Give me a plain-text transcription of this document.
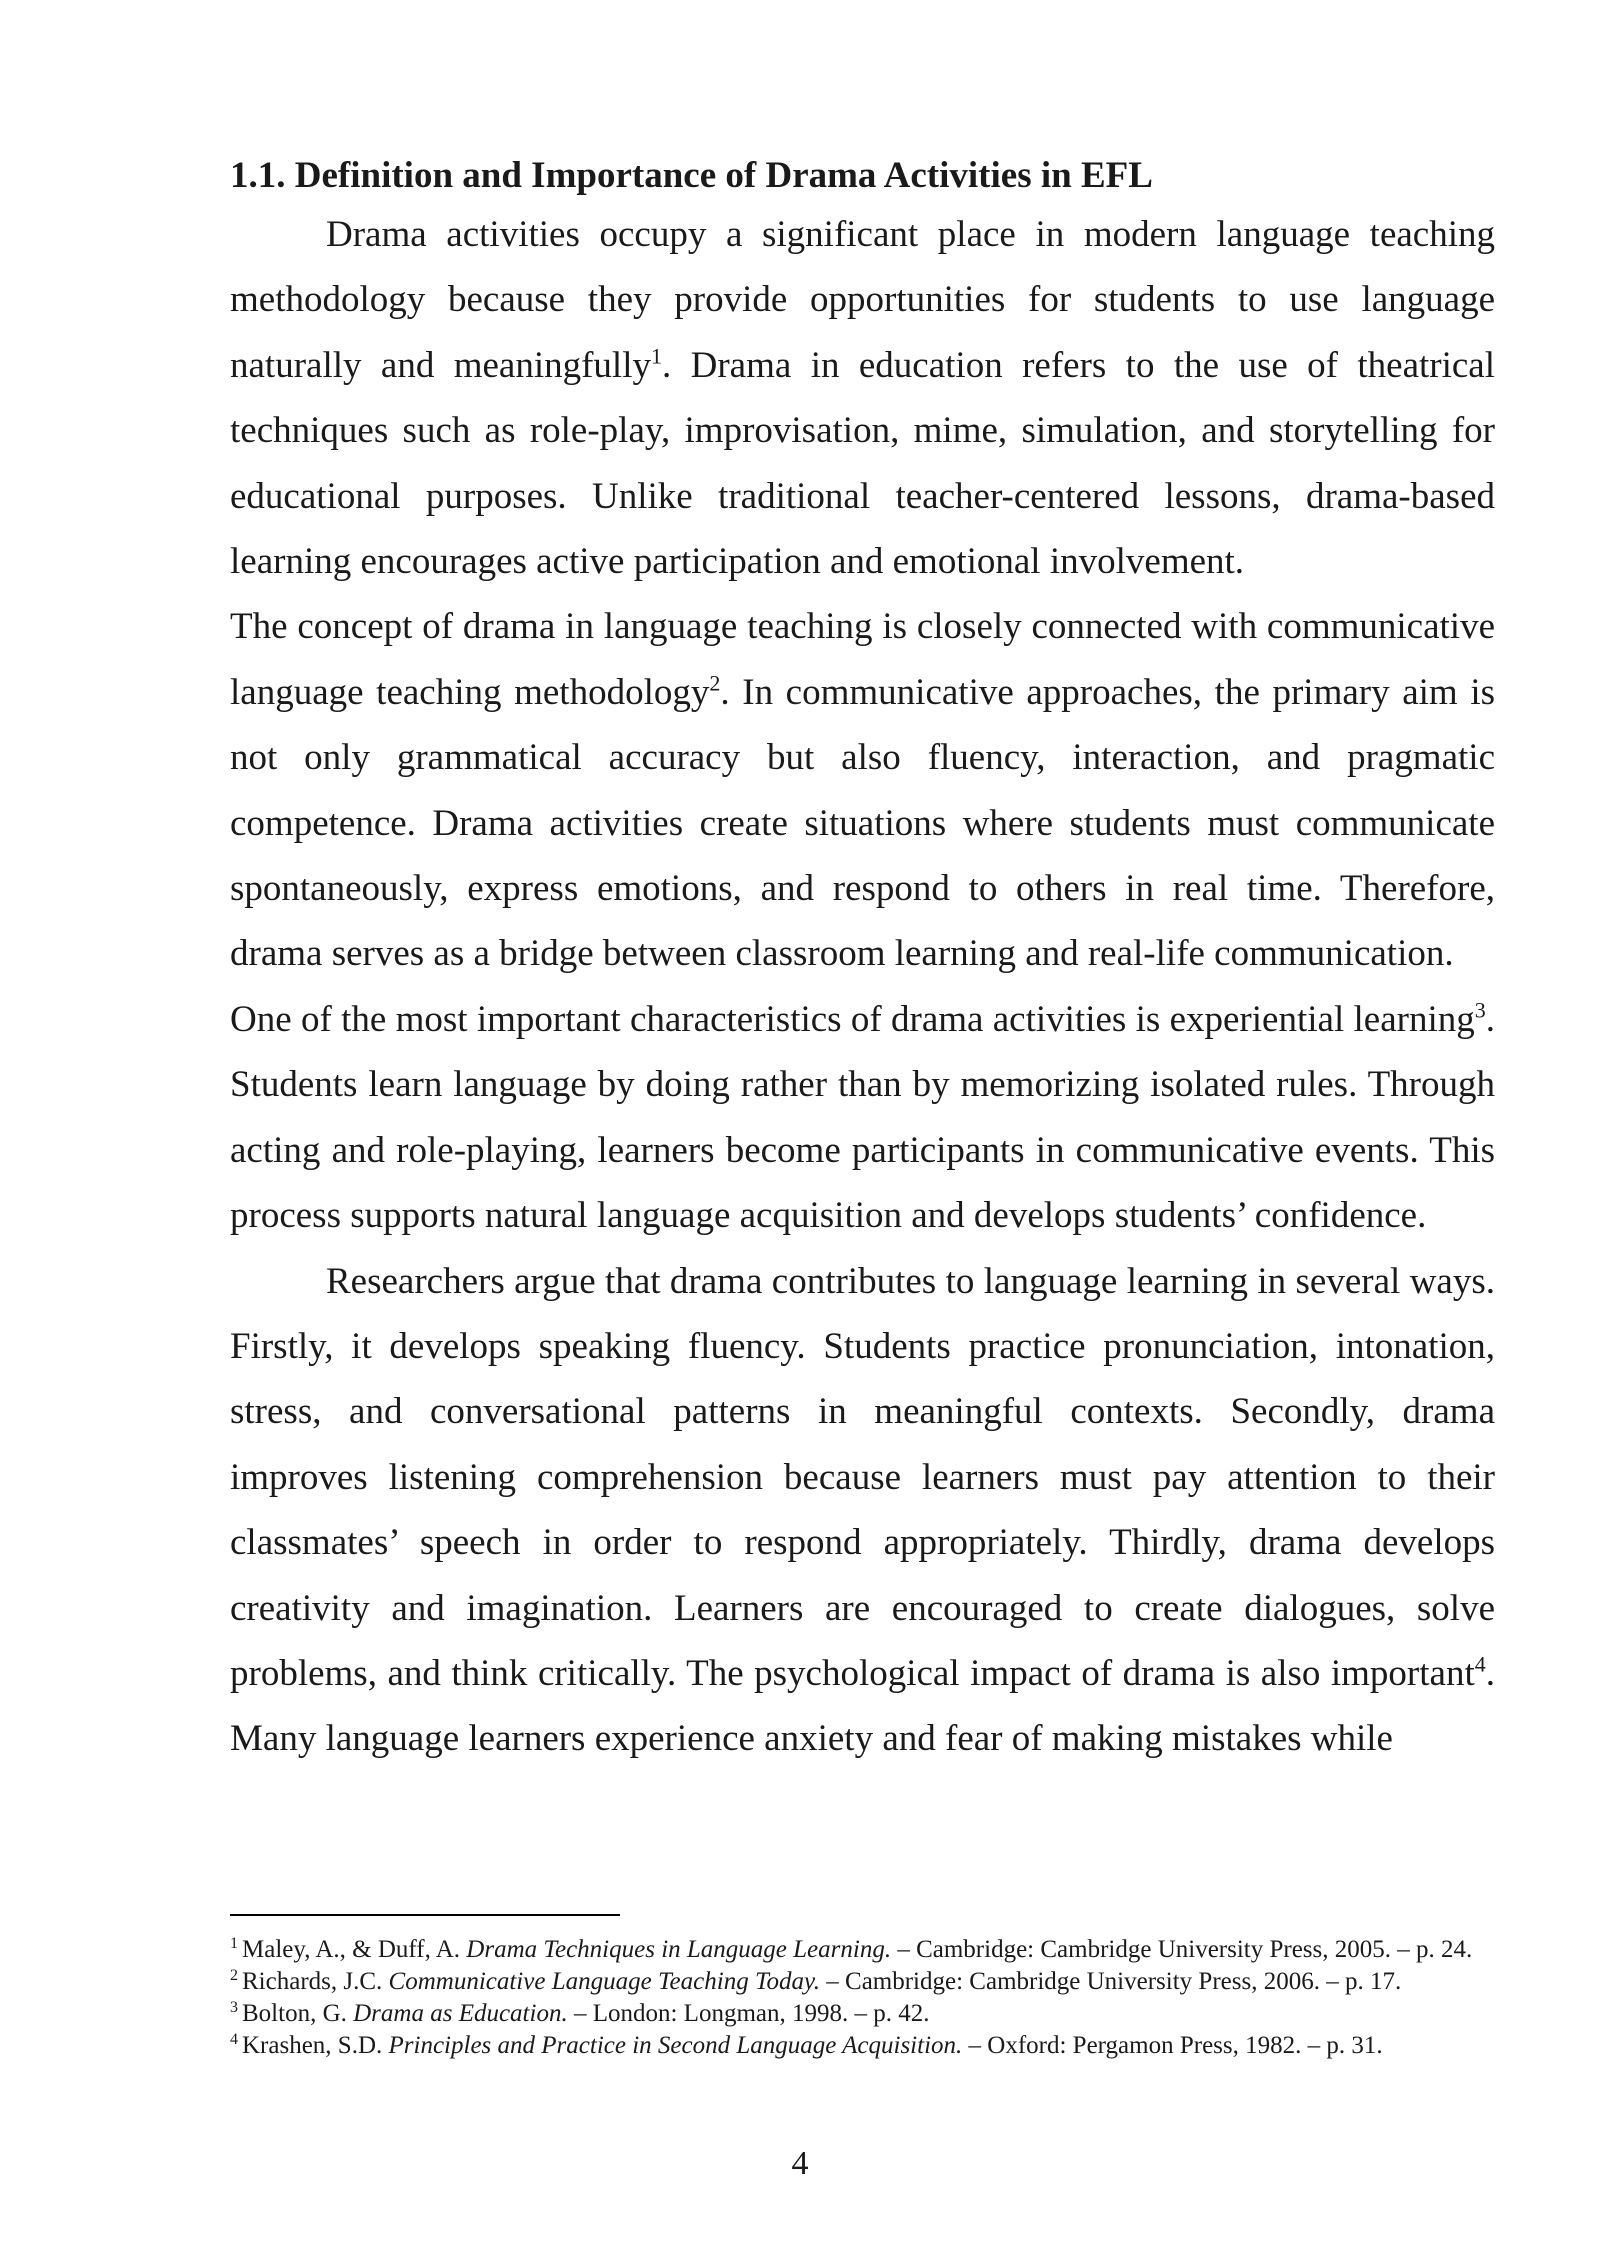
1.1. Definition and Importance of Drama Activities in EFL

Drama activities occupy a significant place in modern language teaching methodology because they provide opportunities for students to use language naturally and meaningfully$^1$. Drama in education refers to the use of theatrical techniques such as role-play, improvisation, mime, simulation, and storytelling for educational purposes. Unlike traditional teacher-centered lessons, drama-based learning encourages active participation and emotional involvement.

The concept of drama in language teaching is closely connected with communicative language teaching methodology$^2$. In communicative approaches, the primary aim is not only grammatical accuracy but also fluency, interaction, and pragmatic competence. Drama activities create situations where students must communicate spontaneously, express emotions, and respond to others in real time. Therefore, drama serves as a bridge between classroom learning and real-life communication.

One of the most important characteristics of drama activities is experiential learning$^3$. Students learn language by doing rather than by memorizing isolated rules. Through acting and role-playing, learners become participants in communicative events. This process supports natural language acquisition and develops students’ confidence.

Researchers argue that drama contributes to language learning in several ways. Firstly, it develops speaking fluency. Students practice pronunciation, intonation, stress, and conversational patterns in meaningful contexts. Secondly, drama improves listening comprehension because learners must pay attention to their classmates’ speech in order to respond appropriately. Thirdly, drama develops creativity and imagination. Learners are encouraged to create dialogues, solve problems, and think critically. The psychological impact of drama is also important$^4$. Many language learners experience anxiety and fear of making mistakes while

$^1$ Maley, A., & Duff, A. Drama Techniques in Language Learning. – Cambridge: Cambridge University Press, 2005. – p. 24.

$^2$ Richards, J.C. Communicative Language Teaching Today. – Cambridge: Cambridge University Press, 2006. – p. 17.

$^3$ Bolton, G. Drama as Education. – London: Longman, 1998. – p. 42.

$^4$ Krashen, S.D. Principles and Practice in Second Language Acquisition. – Oxford: Pergamon Press, 1982. – p. 31.

4
